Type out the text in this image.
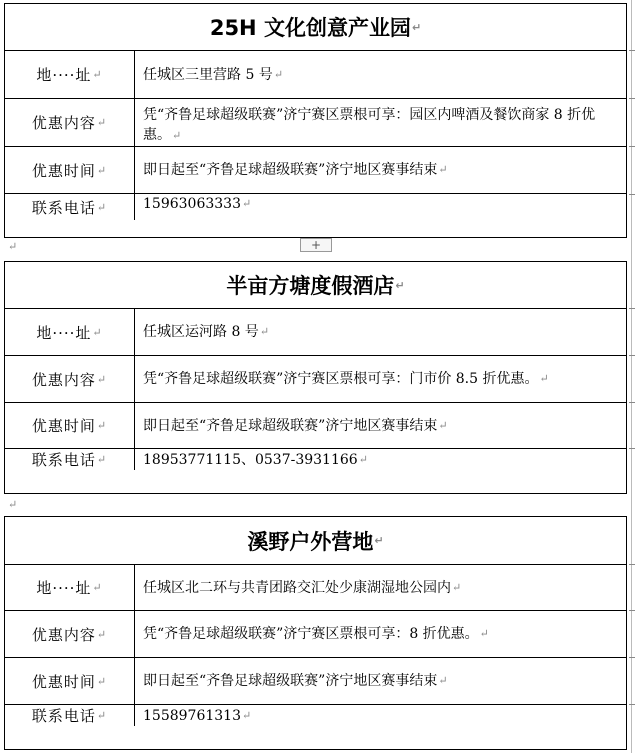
25H 文化创意产业园 ↵
地····址 ↵	任城区三里营路 5 号 ↵
优惠内容 ↵	凭“齐鲁足球超级联赛”济宁赛区票根可享：园区内啤酒及餐饮商家 8 折优惠。↵
优惠时间 ↵	即日起至“齐鲁足球超级联赛”济宁地区赛事结束 ↵
联系电话 ↵	15963063333 ↵
+
↵
半亩方塘度假酒店 ↵
地····址 ↵	任城区运河路 8 号 ↵
优惠内容 ↵	凭“齐鲁足球超级联赛”济宁赛区票根可享：门市价 8.5 折优惠。 ↵
优惠时间 ↵	即日起至“齐鲁足球超级联赛”济宁地区赛事结束 ↵
联系电话 ↵	18953771115、0537-3931166 ↵
↵
溪野户外营地 ↵
地····址 ↵	任城区北二环与共青团路交汇处少康湖湿地公园内 ↵
优惠内容 ↵	凭“齐鲁足球超级联赛”济宁赛区票根可享：8 折优惠。 ↵
优惠时间 ↵	即日起至“齐鲁足球超级联赛”济宁地区赛事结束 ↵
联系电话 ↵	15589761313 ↵
